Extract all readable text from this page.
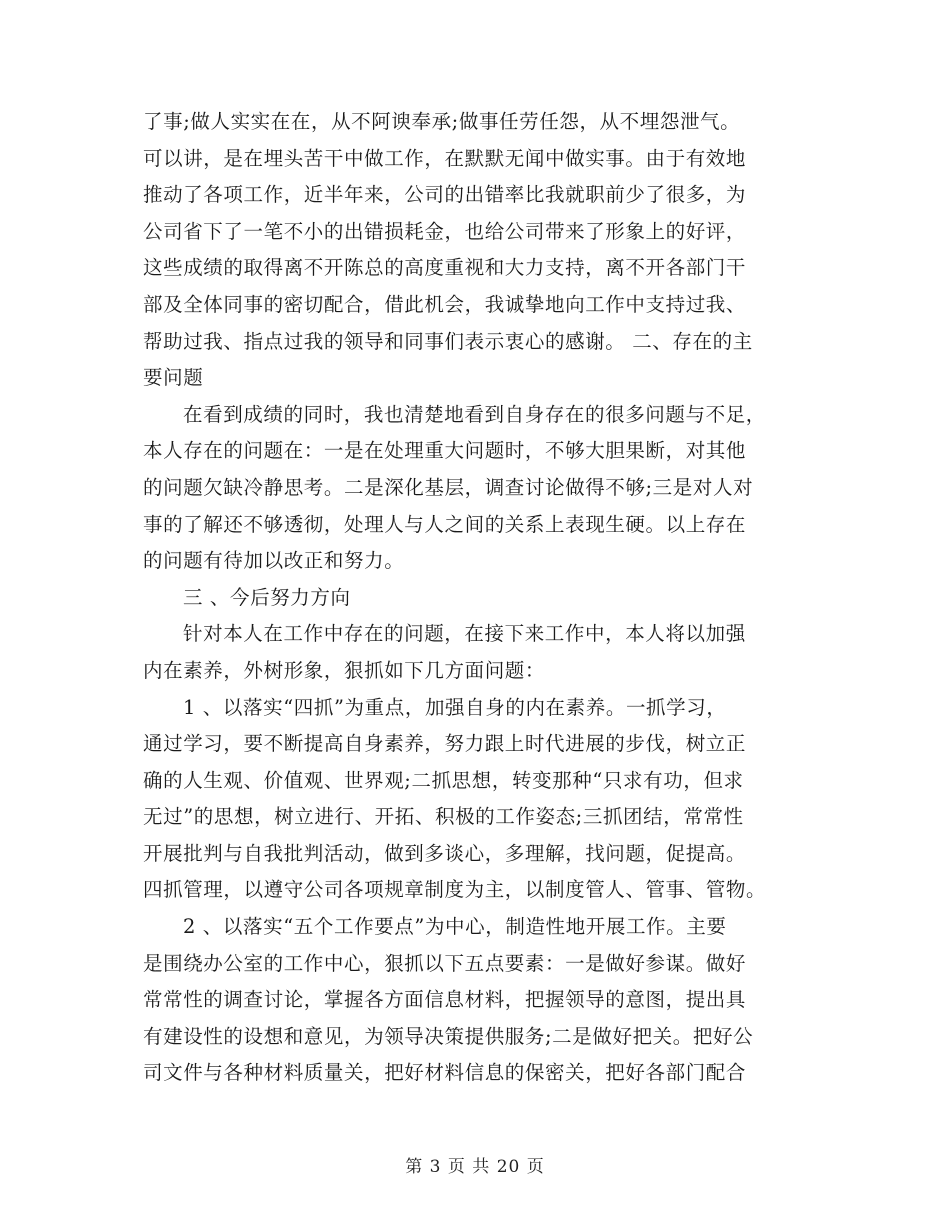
了事;做人实实在在，从不阿谀奉承;做事任劳任怨，从不埋怨泄气。
可以讲，是在埋头苦干中做工作，在默默无闻中做实事。由于有效地
推动了各项工作，近半年来，公司的出错率比我就职前少了很多，为
公司省下了一笔不小的出错损耗金，也给公司带来了形象上的好评，
这些成绩的取得离不开陈总的高度重视和大力支持，离不开各部门干
部及全体同事的密切配合，借此机会，我诚挚地向工作中支持过我、
帮助过我、指点过我的领导和同事们表示衷心的感谢。 二、存在的主
要问题
在看到成绩的同时，我也清楚地看到自身存在的很多问题与不足，
本人存在的问题在：一是在处理重大问题时，不够大胆果断，对其他
的问题欠缺冷静思考。二是深化基层，调查讨论做得不够;三是对人对
事的了解还不够透彻，处理人与人之间的关系上表现生硬。以上存在
的问题有待加以改正和努力。
三 、今后努力方向
针对本人在工作中存在的问题，在接下来工作中，本人将以加强
内在素养，外树形象，狠抓如下几方面问题：
1 、以落实“四抓”为重点，加强自身的内在素养。一抓学习，
通过学习，要不断提高自身素养，努力跟上时代进展的步伐，树立正
确的人生观、价值观、世界观;二抓思想，转变那种“只求有功，但求
无过”的思想，树立进行、开拓、积极的工作姿态;三抓团结，常常性
开展批判与自我批判活动，做到多谈心，多理解，找问题，促提高。
四抓管理，以遵守公司各项规章制度为主，以制度管人、管事、管物。
2 、以落实“五个工作要点”为中心，制造性地开展工作。主要
是围绕办公室的工作中心，狠抓以下五点要素：一是做好参谋。做好
常常性的调查讨论，掌握各方面信息材料，把握领导的意图，提出具
有建设性的设想和意见，为领导决策提供服务;二是做好把关。把好公
司文件与各种材料质量关，把好材料信息的保密关，把好各部门配合
第 3 页 共 20 页
